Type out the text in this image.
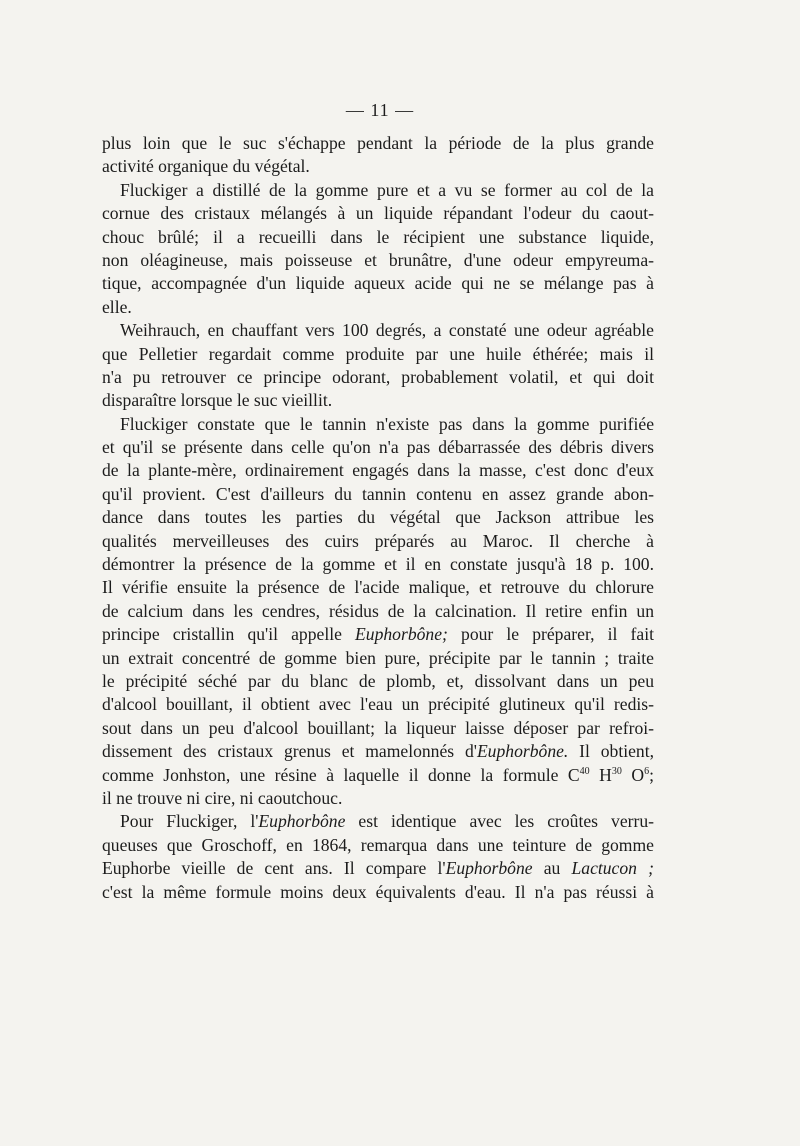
— 11 —
plus loin que le suc s'échappe pendant la période de la plus grande
activité organique du végétal.
Fluckiger a distillé de la gomme pure et a vu se former au col de la
cornue des cristaux mélangés à un liquide répandant l'odeur du caout-
chouc brûlé; il a recueilli dans le récipient une substance liquide,
non oléagineuse, mais poisseuse et brunâtre, d'une odeur empyreuma-
tique, accompagnée d'un liquide aqueux acide qui ne se mélange pas à
elle.
Weihrauch, en chauffant vers 100 degrés, a constaté une odeur agréable
que Pelletier regardait comme produite par une huile éthérée; mais il
n'a pu retrouver ce principe odorant, probablement volatil, et qui doit
disparaître lorsque le suc vieillit.
Fluckiger constate que le tannin n'existe pas dans la gomme purifiée
et qu'il se présente dans celle qu'on n'a pas débarrassée des débris divers
de la plante-mère, ordinairement engagés dans la masse, c'est donc d'eux
qu'il provient. C'est d'ailleurs du tannin contenu en assez grande abon-
dance dans toutes les parties du végétal que Jackson attribue les
qualités merveilleuses des cuirs préparés au Maroc. Il cherche à
démontrer la présence de la gomme et il en constate jusqu'à 18 p. 100.
Il vérifie ensuite la présence de l'acide malique, et retrouve du chlorure
de calcium dans les cendres, résidus de la calcination. Il retire enfin un
principe cristallin qu'il appelle Euphorbône; pour le préparer, il fait
un extrait concentré de gomme bien pure, précipite par le tannin ; traite
le précipité séché par du blanc de plomb, et, dissolvant dans un peu
d'alcool bouillant, il obtient avec l'eau un précipité glutineux qu'il redis-
sout dans un peu d'alcool bouillant; la liqueur laisse déposer par refroi-
dissement des cristaux grenus et mamelonnés d'Euphorbône. Il obtient,
comme Jonhston, une résine à laquelle il donne la formule $C^{40}$ $H^{30}$ $O^6$;
il ne trouve ni cire, ni caoutchouc.
Pour Fluckiger, l'Euphorbône est identique avec les croûtes verru-
queuses que Groschoff, en 1864, remarqua dans une teinture de gomme
Euphorbe vieille de cent ans. Il compare l'Euphorbône au Lactucon ;
c'est la même formule moins deux équivalents d'eau. Il n'a pas réussi à
